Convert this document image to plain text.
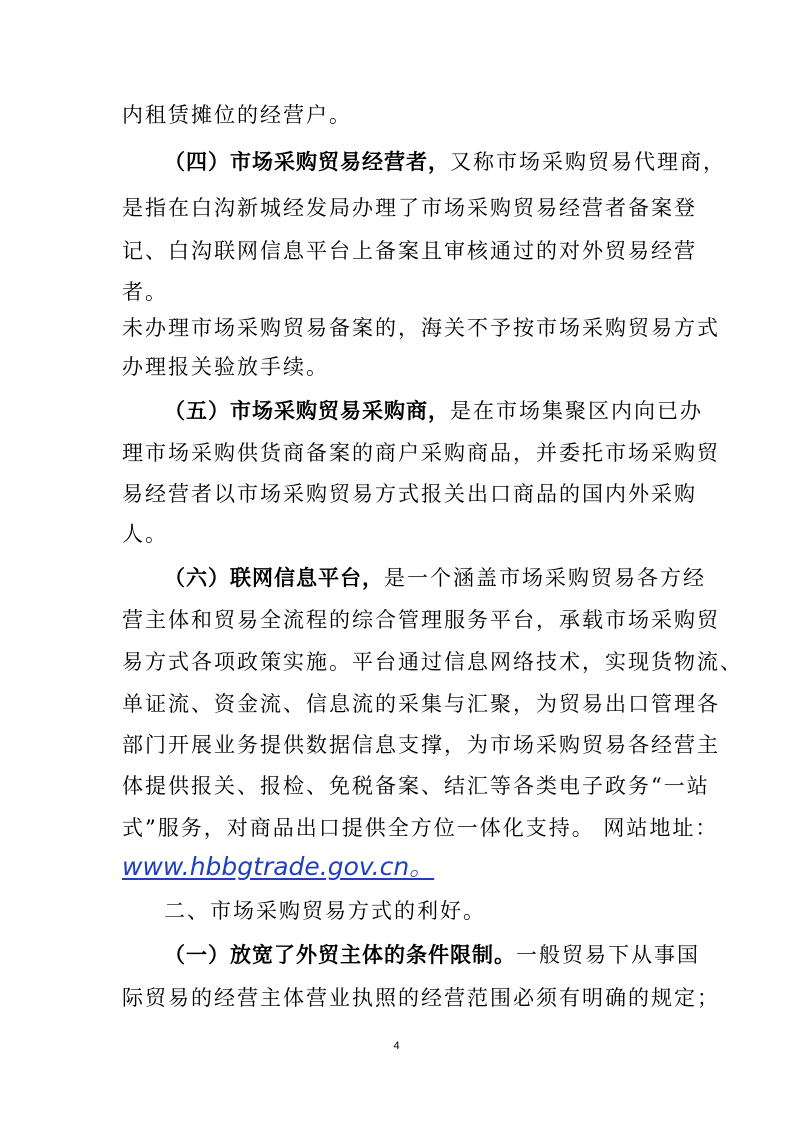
内租赁摊位的经营户。
（四）市场采购贸易经营者，又称市场采购贸易代理商，
是指在白沟新城经发局办理了市场采购贸易经营者备案登
记、白沟联网信息平台上备案且审核通过的对外贸易经营
者。
未办理市场采购贸易备案的，海关不予按市场采购贸易方式
办理报关验放手续。
（五）市场采购贸易采购商，是在市场集聚区内向已办
理市场采购供货商备案的商户采购商品，并委托市场采购贸
易经营者以市场采购贸易方式报关出口商品的国内外采购
人。
（六）联网信息平台，是一个涵盖市场采购贸易各方经
营主体和贸易全流程的综合管理服务平台，承载市场采购贸
易方式各项政策实施。平台通过信息网络技术，实现货物流、
单证流、资金流、信息流的采集与汇聚，为贸易出口管理各
部门开展业务提供数据信息支撑，为市场采购贸易各经营主
体提供报关、报检、免税备案、结汇等各类电子政务“一站
式”服务，对商品出口提供全方位一体化支持。 网站地址：
www.hbbgtrade.gov.cn。
二、市场采购贸易方式的利好。
（一）放宽了外贸主体的条件限制。一般贸易下从事国
际贸易的经营主体营业执照的经营范围必须有明确的规定；
4
